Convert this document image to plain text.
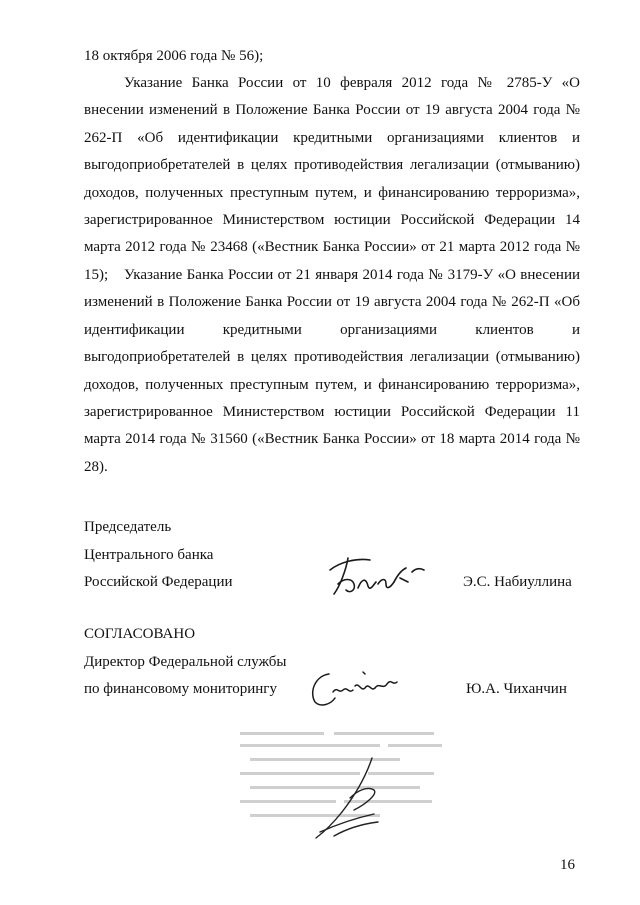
18 октября 2006 года № 56);

Указание Банка России от 10 февраля 2012 года № 2785-У «О внесении изменений в Положение Банка России от 19 августа 2004 года № 262-П «Об идентификации кредитными организациями клиентов и выгодоприобретателей в целях противодействия легализации (отмыванию) доходов, полученных преступным путем, и финансированию терроризма», зарегистрированное Министерством юстиции Российской Федерации 14 марта 2012 года № 23468 («Вестник Банка России» от 21 марта 2012 года № 15);	Указание Банка России от 21 января 2014 года № 3179-У «О внесении изменений в Положение Банка России от 19 августа 2004 года № 262-П «Об идентификации кредитными организациями клиентов и выгодоприобретателей в целях противодействия легализации (отмыванию) доходов, полученных преступным путем, и финансированию терроризма», зарегистрированное Министерством юстиции Российской Федерации 11 марта 2014 года № 31560 («Вестник Банка России» от 18 марта 2014 года № 28).

Председатель
Центрального банка
Российской Федерации	Э.С. Набиуллина
СОГЛАСОВАНО
Директор Федеральной службы
по финансовому мониторингу	Ю.А. Чиханчин
16
